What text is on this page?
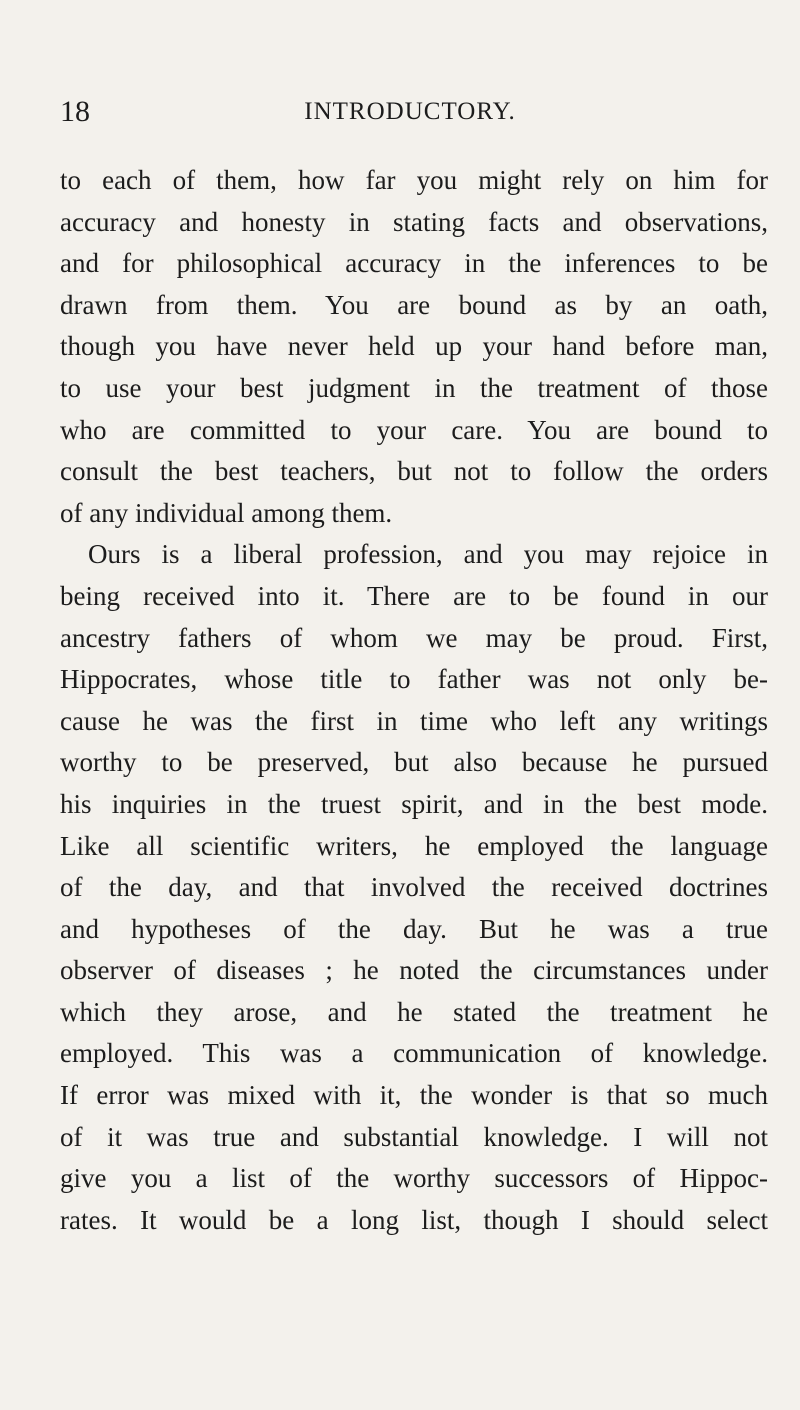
18	INTRODUCTORY.
to each of them, how far you might rely on him for
accuracy and honesty in stating facts and observations,
and for philosophical accuracy in the inferences to be
drawn from them. You are bound as by an oath,
though you have never held up your hand before man,
to use your best judgment in the treatment of those
who are committed to your care. You are bound to
consult the best teachers, but not to follow the orders
of any individual among them.
Ours is a liberal profession, and you may rejoice in
being received into it. There are to be found in our
ancestry fathers of whom we may be proud. First,
Hippocrates, whose title to father was not only be-
cause he was the first in time who left any writings
worthy to be preserved, but also because he pursued
his inquiries in the truest spirit, and in the best mode.
Like all scientific writers, he employed the language
of the day, and that involved the received doctrines
and hypotheses of the day. But he was a true
observer of diseases ; he noted the circumstances under
which they arose, and he stated the treatment he
employed. This was a communication of knowledge.
If error was mixed with it, the wonder is that so much
of it was true and substantial knowledge. I will not
give you a list of the worthy successors of Hippoc-
rates. It would be a long list, though I should select
